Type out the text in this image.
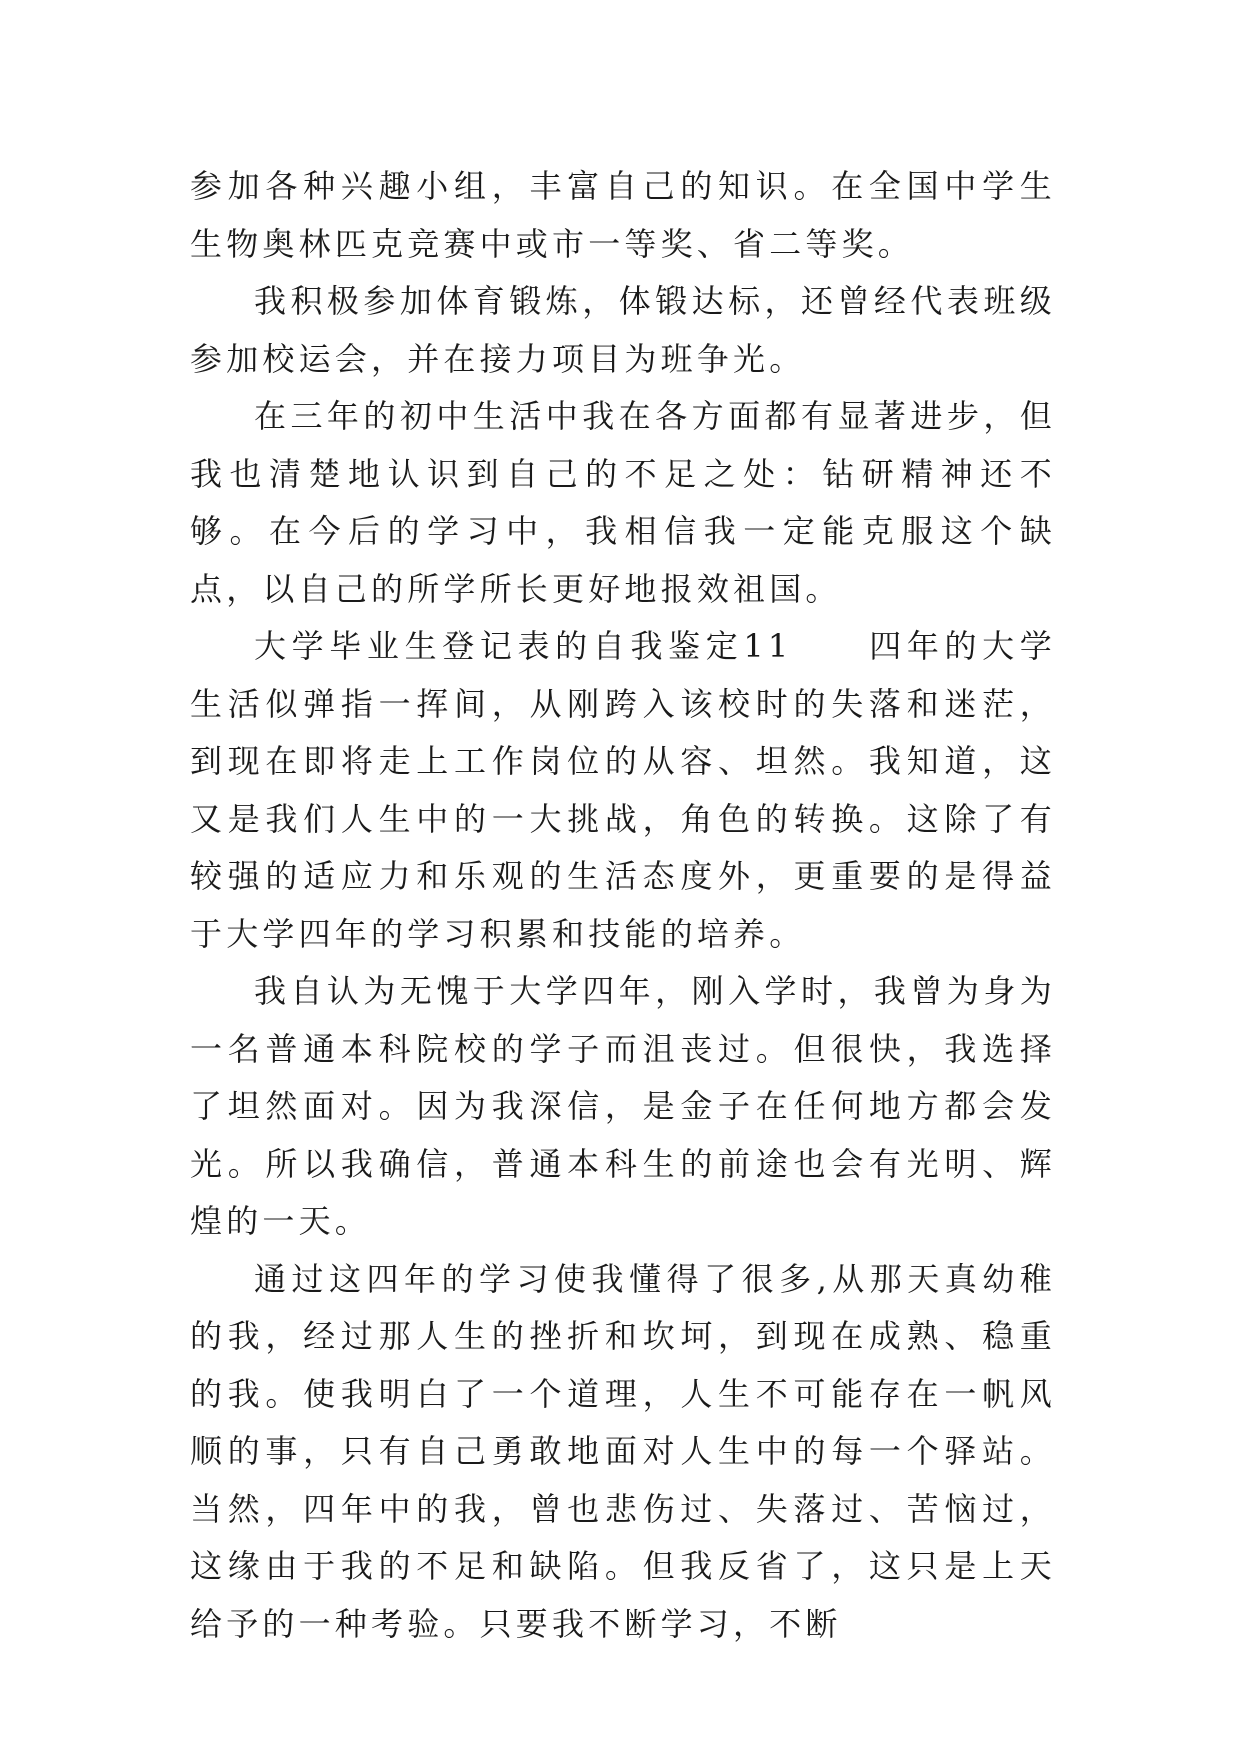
参加各种兴趣小组，丰富自己的知识。在全国中学生生物奥林匹克竞赛中或市一等奖、省二等奖。

我积极参加体育锻炼，体锻达标，还曾经代表班级参加校运会，并在接力项目为班争光。

在三年的初中生活中我在各方面都有显著进步，但我也清楚地认识到自己的不足之处：钻研精神还不够。在今后的学习中，我相信我一定能克服这个缺点，以自己的所学所长更好地报效祖国。

大学毕业生登记表的自我鉴定11　　四年的大学生活似弹指一挥间，从刚跨入该校时的失落和迷茫，到现在即将走上工作岗位的从容、坦然。我知道，这又是我们人生中的一大挑战，角色的转换。这除了有较强的适应力和乐观的生活态度外，更重要的是得益于大学四年的学习积累和技能的培养。

我自认为无愧于大学四年，刚入学时，我曾为身为一名普通本科院校的学子而沮丧过。但很快，我选择了坦然面对。因为我深信，是金子在任何地方都会发光。所以我确信，普通本科生的前途也会有光明、辉煌的一天。

通过这四年的学习使我懂得了很多,从那天真幼稚的我，经过那人生的挫折和坎坷，到现在成熟、稳重的我。使我明白了一个道理，人生不可能存在一帆风顺的事，只有自己勇敢地面对人生中的每一个驿站。当然，四年中的我，曾也悲伤过、失落过、苦恼过，这缘由于我的不足和缺陷。但我反省了，这只是上天给予的一种考验。只要我不断学习，不断
